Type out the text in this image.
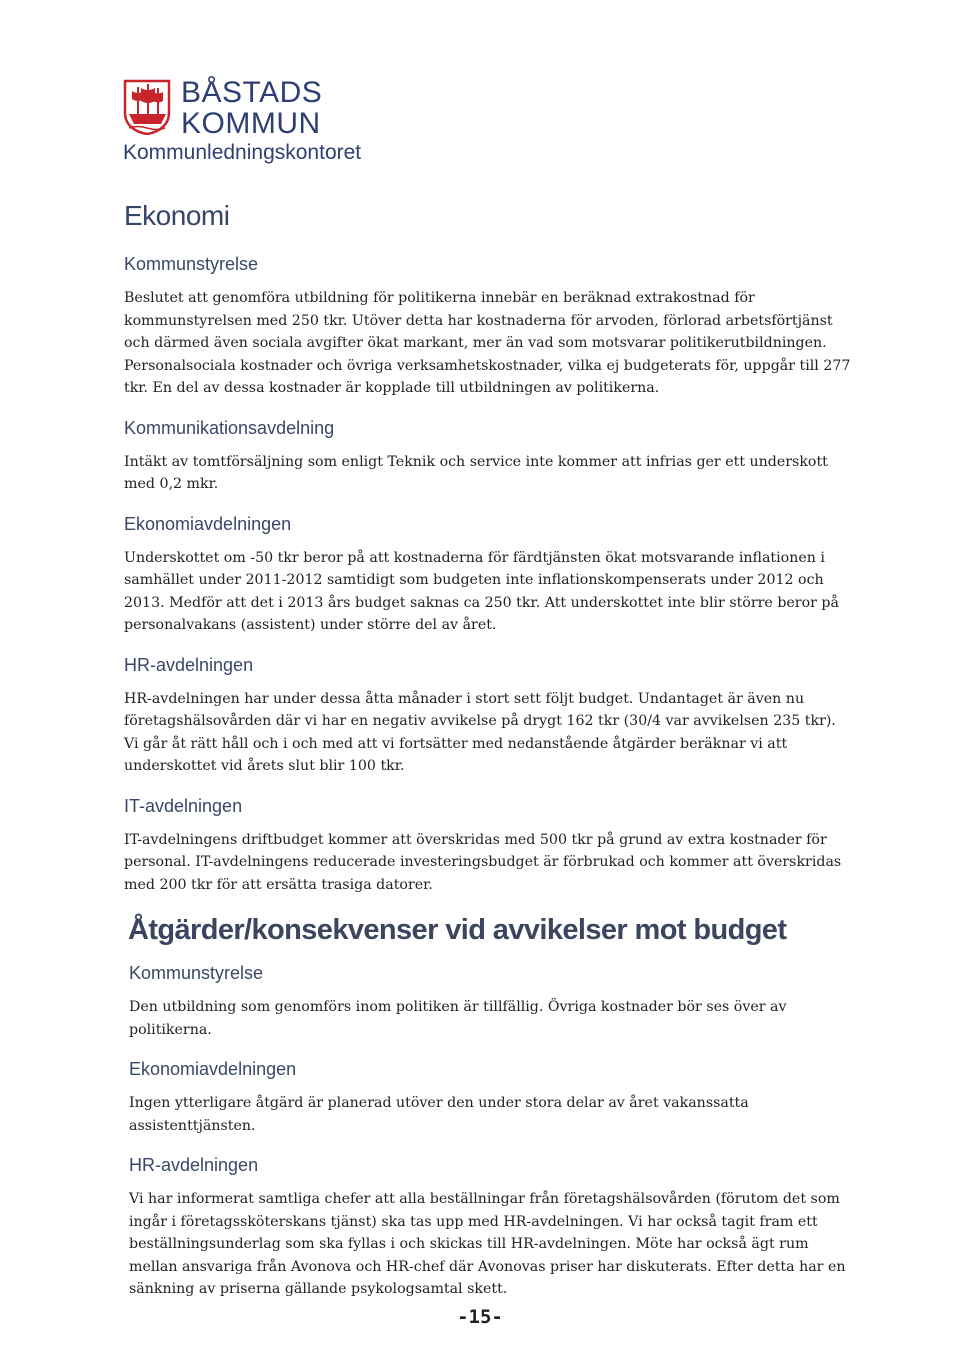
BÅSTADS
KOMMUN
Kommunledningskontoret
Ekonomi
Kommunstyrelse

Beslutet att genomföra utbildning för politikerna innebär en beräknad extrakostnad för kommunstyrelsen med 250 tkr. Utöver detta har kostnaderna för arvoden, förlorad arbetsförtjänst och därmed även sociala avgifter ökat markant, mer än vad som motsvarar politikerutbildningen. Personalsociala kostnader och övriga verksamhetskostnader, vilka ej budgeterats för, uppgår till 277 tkr. En del av dessa kostnader är kopplade till utbildningen av politikerna.

Kommunikationsavdelning

Intäkt av tomtförsäljning som enligt Teknik och service inte kommer att infrias ger ett underskott med 0,2 mkr.

Ekonomiavdelningen

Underskottet om -50 tkr beror på att kostnaderna för färdtjänsten ökat motsvarande inflationen i samhället under 2011-2012 samtidigt som budgeten inte inflationskompenserats under 2012 och 2013. Medför att det i 2013 års budget saknas ca 250 tkr. Att underskottet inte blir större beror på personalvakans (assistent) under större del av året.

HR-avdelningen

HR-avdelningen har under dessa åtta månader i stort sett följt budget. Undantaget är även nu företagshälsovården där vi har en negativ avvikelse på drygt 162 tkr (30/4 var avvikelsen 235 tkr). Vi går åt rätt håll och i och med att vi fortsätter med nedanstående åtgärder beräknar vi att underskottet vid årets slut blir 100 tkr.

IT-avdelningen

IT-avdelningens driftbudget kommer att överskridas med 500 tkr på grund av extra kostnader för personal. IT-avdelningens reducerade investeringsbudget är förbrukad och kommer att överskridas med 200 tkr för att ersätta trasiga datorer.

Åtgärder/konsekvenser vid avvikelser mot budget
Kommunstyrelse

Den utbildning som genomförs inom politiken är tillfällig. Övriga kostnader bör ses över av politikerna.

Ekonomiavdelningen

Ingen ytterligare åtgärd är planerad utöver den under stora delar av året vakanssatta assistenttjänsten.

HR-avdelningen

Vi har informerat samtliga chefer att alla beställningar från företagshälsovården (förutom det som ingår i företagssköterskans tjänst) ska tas upp med HR-avdelningen. Vi har också tagit fram ett beställningsunderlag som ska fyllas i och skickas till HR-avdelningen. Möte har också ägt rum mellan ansvariga från Avonova och HR-chef där Avonovas priser har diskuterats. Efter detta har en sänkning av priserna gällande psykologsamtal skett.

-15-
